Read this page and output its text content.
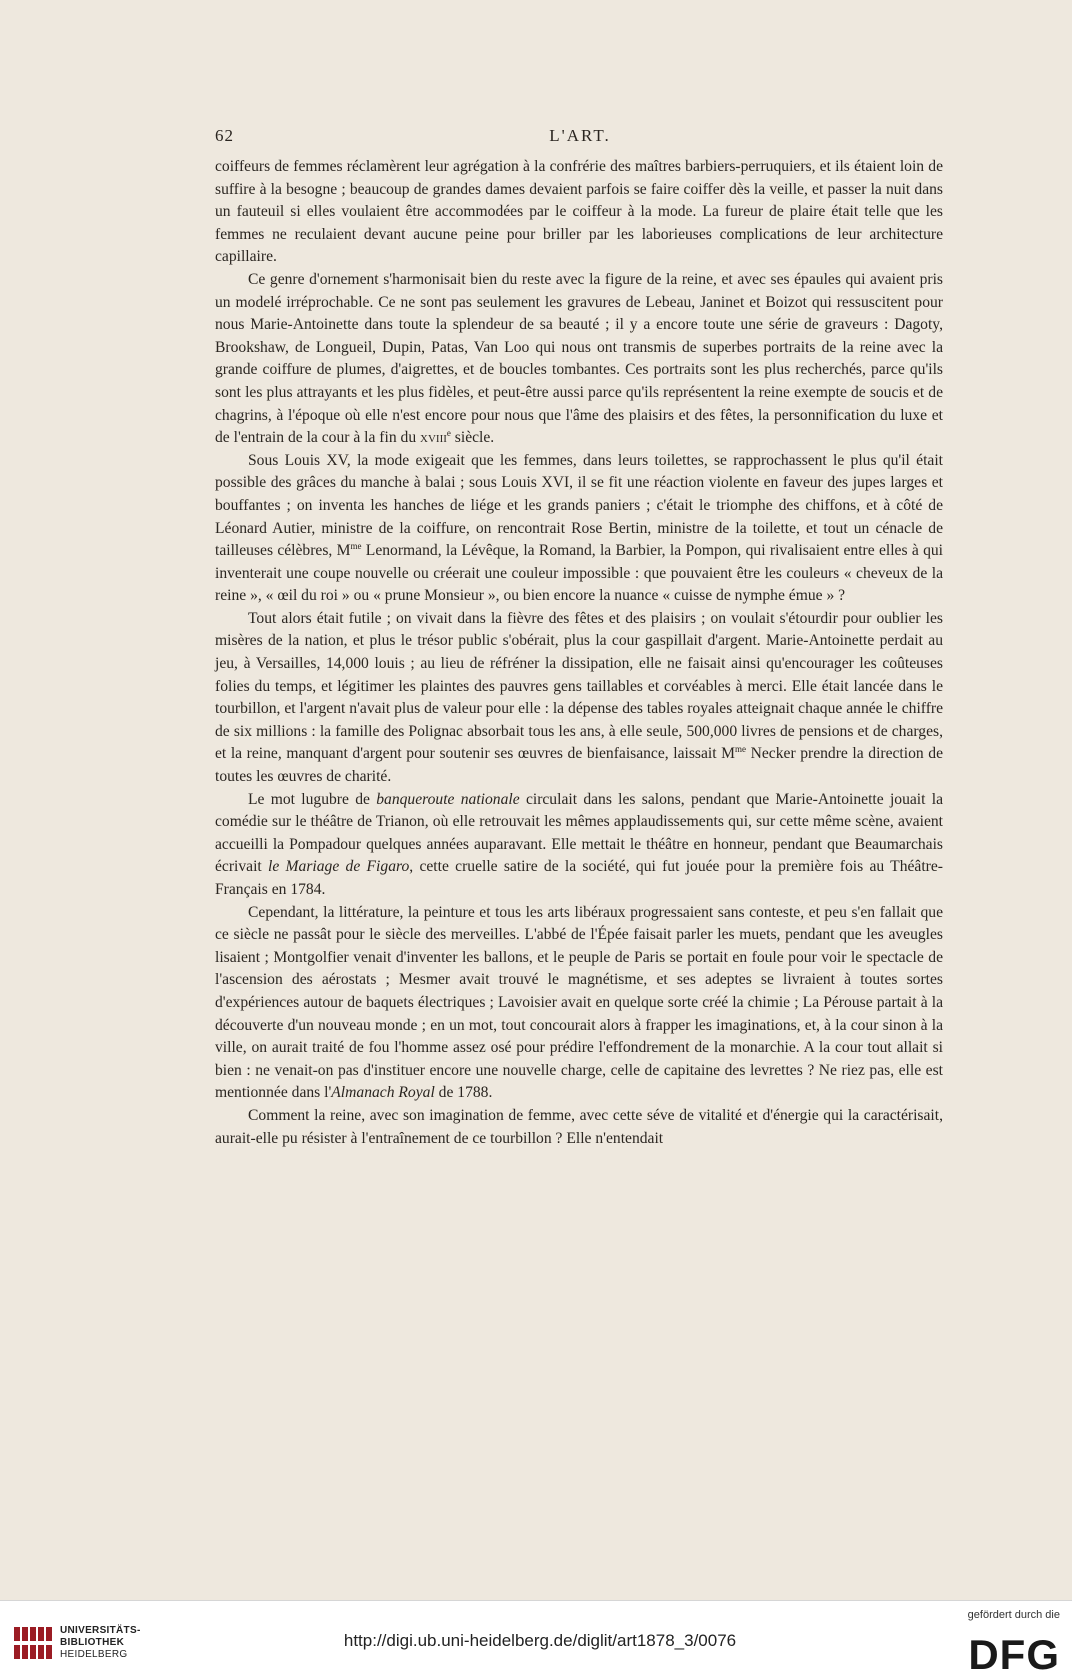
62	L'ART.

coiffeurs de femmes réclamèrent leur agrégation à la confrérie des maîtres barbiers-perruquiers, et ils étaient loin de suffire à la besogne ; beaucoup de grandes dames devaient parfois se faire coiffer dès la veille, et passer la nuit dans un fauteuil si elles voulaient être accommodées par le coiffeur à la mode. La fureur de plaire était telle que les femmes ne reculaient devant aucune peine pour briller par les laborieuses complications de leur architecture capillaire.

Ce genre d'ornement s'harmonisait bien du reste avec la figure de la reine, et avec ses épaules qui avaient pris un modelé irréprochable. Ce ne sont pas seulement les gravures de Lebeau, Janinet et Boizot qui ressuscitent pour nous Marie-Antoinette dans toute la splendeur de sa beauté ; il y a encore toute une série de graveurs : Dagoty, Brookshaw, de Longueil, Dupin, Patas, Van Loo qui nous ont transmis de superbes portraits de la reine avec la grande coiffure de plumes, d'aigrettes, et de boucles tombantes. Ces portraits sont les plus recherchés, parce qu'ils sont les plus attrayants et les plus fidèles, et peut-être aussi parce qu'ils représentent la reine exempte de soucis et de chagrins, à l'époque où elle n'est encore pour nous que l'âme des plaisirs et des fêtes, la personnification du luxe et de l'entrain de la cour à la fin du xviii$^e$ siècle.

Sous Louis XV, la mode exigeait que les femmes, dans leurs toilettes, se rapprochassent le plus qu'il était possible des grâces du manche à balai ; sous Louis XVI, il se fit une réaction violente en faveur des jupes larges et bouffantes ; on inventa les hanches de liége et les grands paniers ; c'était le triomphe des chiffons, et à côté de Léonard Autier, ministre de la coiffure, on rencontrait Rose Bertin, ministre de la toilette, et tout un cénacle de tailleuses célèbres, $M^{me}$ Lenormand, la Lévêque, la Romand, la Barbier, la Pompon, qui rivalisaient entre elles à qui inventerait une coupe nouvelle ou créerait une couleur impossible : que pouvaient être les couleurs « cheveux de la reine », « œil du roi » ou « prune Monsieur », ou bien encore la nuance « cuisse de nymphe émue » ?

Tout alors était futile ; on vivait dans la fièvre des fêtes et des plaisirs ; on voulait s'étourdir pour oublier les misères de la nation, et plus le trésor public s'obérait, plus la cour gaspillait d'argent. Marie-Antoinette perdait au jeu, à Versailles, 14,000 louis ; au lieu de réfréner la dissipation, elle ne faisait ainsi qu'encourager les coûteuses folies du temps, et légitimer les plaintes des pauvres gens taillables et corvéables à merci. Elle était lancée dans le tourbillon, et l'argent n'avait plus de valeur pour elle : la dépense des tables royales atteignait chaque année le chiffre de six millions : la famille des Polignac absorbait tous les ans, à elle seule, 500,000 livres de pensions et de charges, et la reine, manquant d'argent pour soutenir ses œuvres de bienfaisance, laissait $M^{me}$ Necker prendre la direction de toutes les œuvres de charité.

Le mot lugubre de banqueroute nationale circulait dans les salons, pendant que Marie-Antoinette jouait la comédie sur le théâtre de Trianon, où elle retrouvait les mêmes applaudissements qui, sur cette même scène, avaient accueilli la Pompadour quelques années auparavant. Elle mettait le théâtre en honneur, pendant que Beaumarchais écrivait le Mariage de Figaro, cette cruelle satire de la société, qui fut jouée pour la première fois au Théâtre-Français en 1784.

Cependant, la littérature, la peinture et tous les arts libéraux progressaient sans conteste, et peu s'en fallait que ce siècle ne passât pour le siècle des merveilles. L'abbé de l'Épée faisait parler les muets, pendant que les aveugles lisaient ; Montgolfier venait d'inventer les ballons, et le peuple de Paris se portait en foule pour voir le spectacle de l'ascension des aérostats ; Mesmer avait trouvé le magnétisme, et ses adeptes se livraient à toutes sortes d'expériences autour de baquets électriques ; Lavoisier avait en quelque sorte créé la chimie ; La Pérouse partait à la découverte d'un nouveau monde ; en un mot, tout concourait alors à frapper les imaginations, et, à la cour sinon à la ville, on aurait traité de fou l'homme assez osé pour prédire l'effondrement de la monarchie. A la cour tout allait si bien : ne venait-on pas d'instituer encore une nouvelle charge, celle de capitaine des levrettes ? Ne riez pas, elle est mentionnée dans l'Almanach Royal de 1788.

Comment la reine, avec son imagination de femme, avec cette séve de vitalité et d'énergie qui la caractérisait, aurait-elle pu résister à l'entraînement de ce tourbillon ? Elle n'entendait

UNIVERSITÄTS-
BIBLIOTHEK
HEIDELBERG
http://digi.ub.uni-heidelberg.de/diglit/art1878_3/0076
gefördert durch die
DFG
